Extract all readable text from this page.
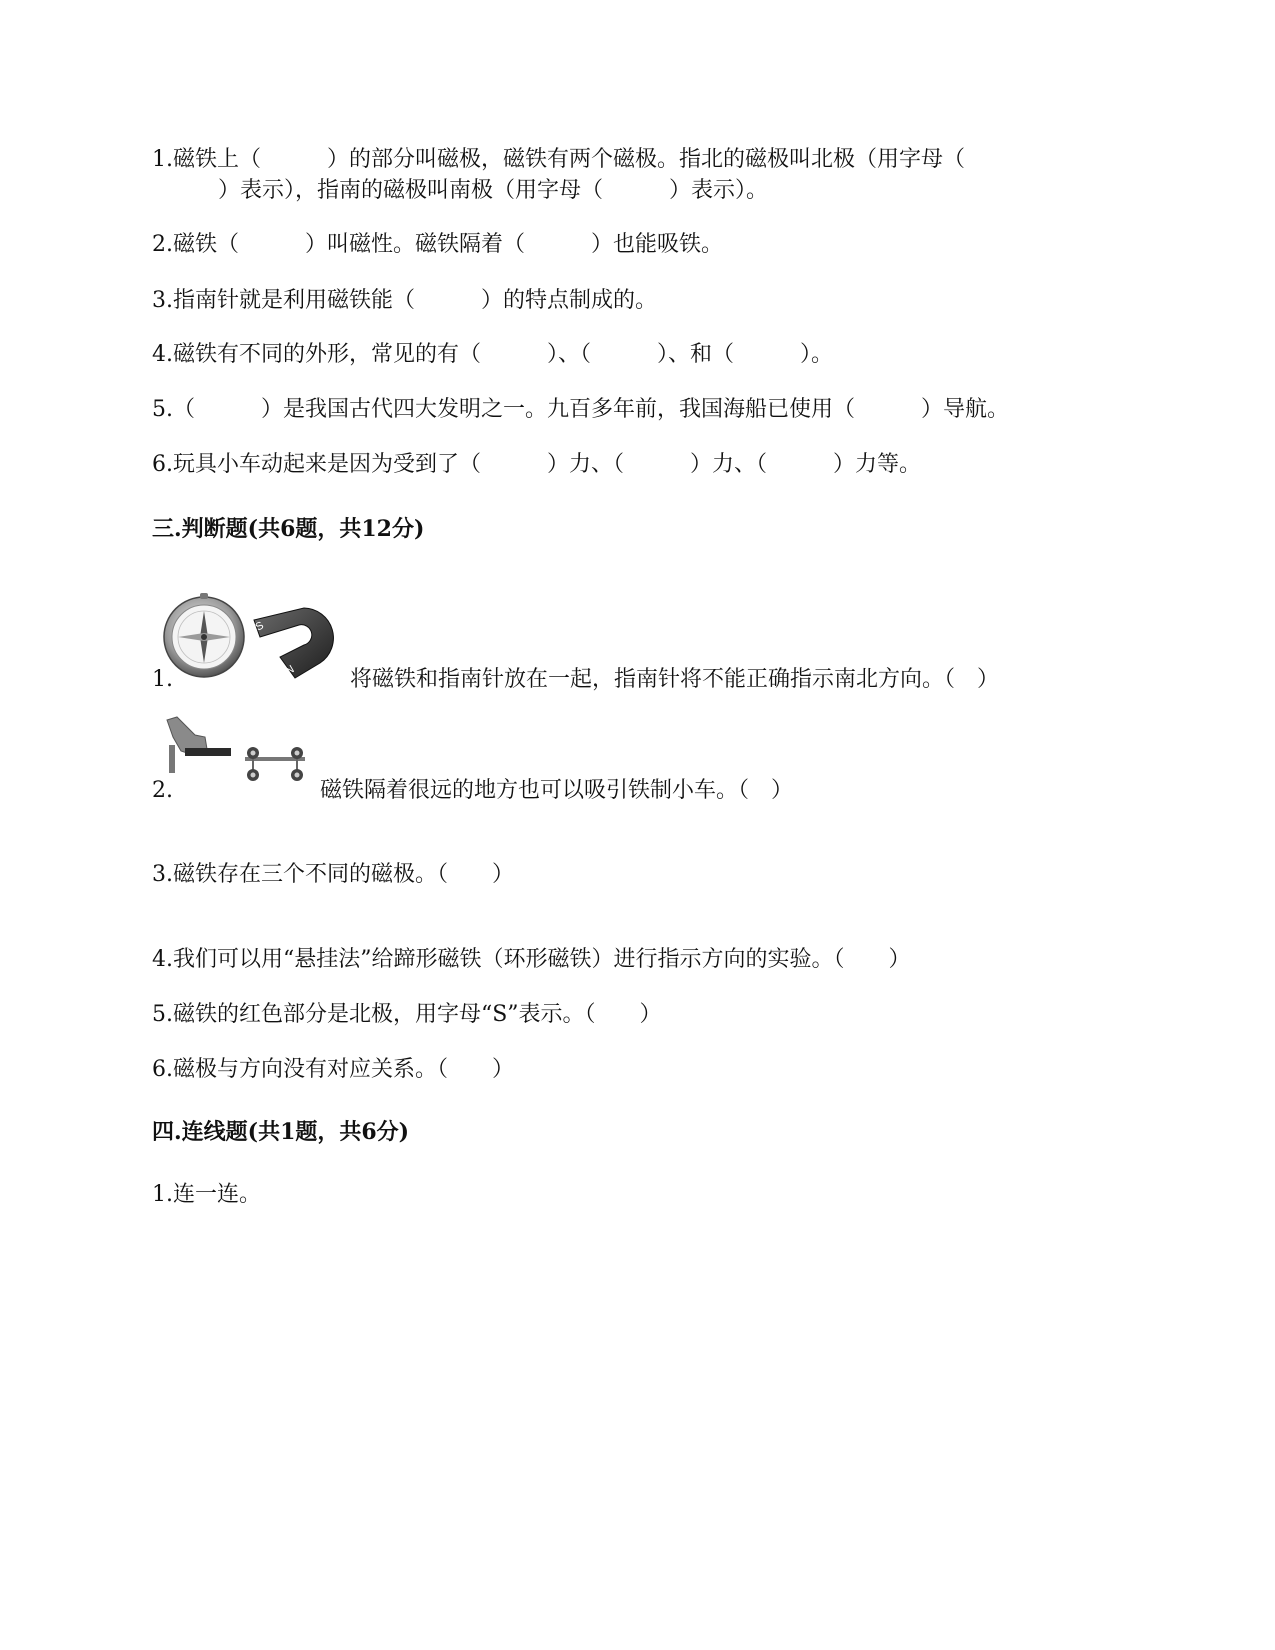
1.磁铁上（　　　）的部分叫磁极，磁铁有两个磁极。指北的磁极叫北极（用字母（
　　　）表示），指南的磁极叫南极（用字母（　　　）表示）。
2.磁铁（　　　）叫磁性。磁铁隔着（　　　）也能吸铁。
3.指南针就是利用磁铁能（　　　）的特点制成的。
4.磁铁有不同的外形，常见的有（　　　）、（　　　）、和（　　　）。
5.（　　　）是我国古代四大发明之一。九百多年前，我国海船已使用（　　　）导航。
6.玩具小车动起来是因为受到了（　　　）力、（　　　）力、（　　　）力等。
三.判断题(共6题，共12分)
1.
S
N 将磁铁和指南针放在一起，指南针将不能正确指示南北方向。（　）
2.	磁铁隔着很远的地方也可以吸引铁制小车。（　）
3.磁铁存在三个不同的磁极。（　　）
4.我们可以用“悬挂法”给蹄形磁铁（环形磁铁）进行指示方向的实验。（　　）
5.磁铁的红色部分是北极，用字母“S”表示。（　　）
6.磁极与方向没有对应关系。（　　）
四.连线题(共1题，共6分)
1.连一连。
